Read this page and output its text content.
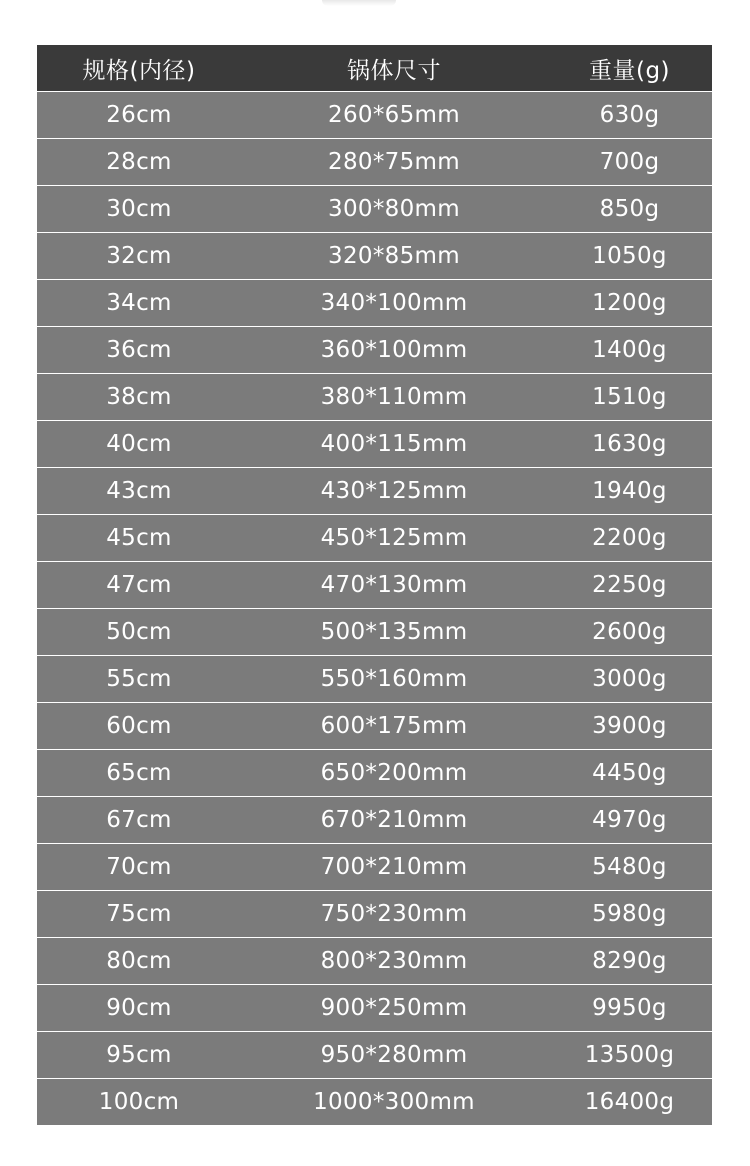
规格(内径)	锅体尺寸	重量(g)
26cm	260*65mm	630g
28cm	280*75mm	700g
30cm	300*80mm	850g
32cm	320*85mm	1050g
34cm	340*100mm	1200g
36cm	360*100mm	1400g
38cm	380*110mm	1510g
40cm	400*115mm	1630g
43cm	430*125mm	1940g
45cm	450*125mm	2200g
47cm	470*130mm	2250g
50cm	500*135mm	2600g
55cm	550*160mm	3000g
60cm	600*175mm	3900g
65cm	650*200mm	4450g
67cm	670*210mm	4970g
70cm	700*210mm	5480g
75cm	750*230mm	5980g
80cm	800*230mm	8290g
90cm	900*250mm	9950g
95cm	950*280mm	13500g
100cm	1000*300mm	16400g
